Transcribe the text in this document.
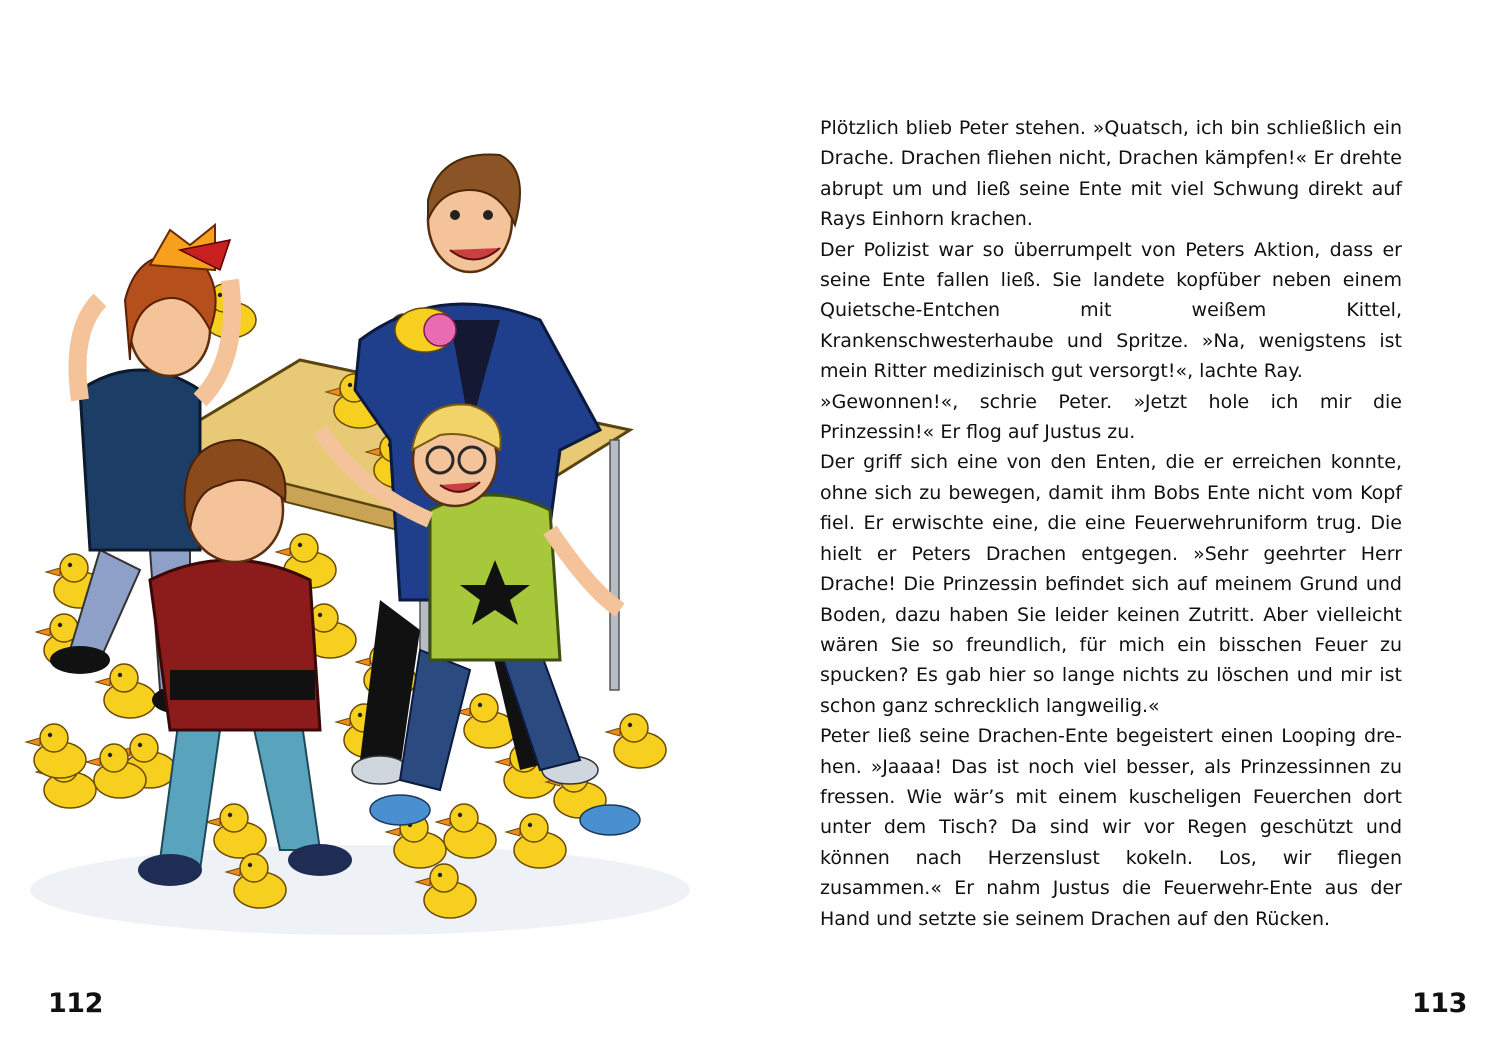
Plötzlich blieb Peter stehen. »Quatsch, ich bin schließlich ein Drache. Drachen fliehen nicht, Drachen kämpfen!« Er drehte abrupt um und ließ seine Ente mit viel Schwung direkt auf Rays Einhorn krachen.

Der Polizist war so überrumpelt von Peters Aktion, dass er seine Ente fallen ließ. Sie landete kopfüber neben einem Quietsche-Entchen mit weißem Kittel, Krankenschwesterhaube und Spritze. »Na, wenigstens ist mein Ritter medizinisch gut versorgt!«, lachte Ray.

»Gewonnen!«, schrie Peter. »Jetzt hole ich mir die Prinzessin!« Er flog auf Justus zu.

Der griff sich eine von den Enten, die er erreichen konnte, ohne sich zu bewegen, damit ihm Bobs Ente nicht vom Kopf fiel. Er erwischte eine, die eine Feuerwehruniform trug. Die hielt er Peters Drachen entgegen. »Sehr geehrter Herr Drache! Die Prinzessin befindet sich auf meinem Grund und Boden, dazu haben Sie leider keinen Zutritt. Aber vielleicht wären Sie so freundlich, für mich ein bisschen Feuer zu spucken? Es gab hier so lange nichts zu löschen und mir ist schon ganz schrecklich langweilig.«

Peter ließ seine Drachen-Ente begeistert einen Looping drehen. »Jaaaa! Das ist noch viel besser, als Prinzessinnen zu fressen. Wie wär’s mit einem kuscheligen Feuerchen dort unter dem Tisch? Da sind wir vor Regen geschützt und können nach Herzenslust kokeln. Los, wir fliegen zusammen.« Er nahm Justus die Feuerwehr-Ente aus der Hand und setzte sie seinem Drachen auf den Rücken.

112	113
